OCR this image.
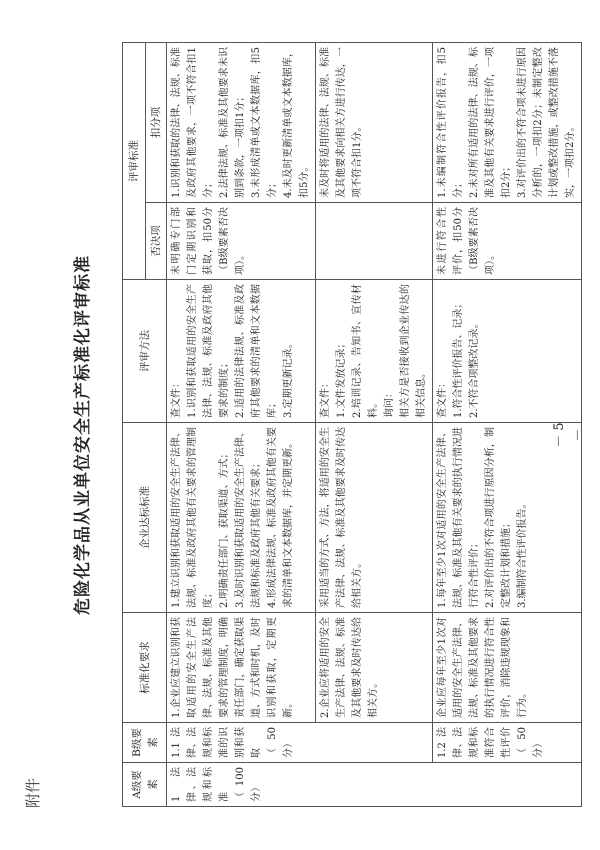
附件
危险化学品从业单位安全生产标准化评审标准	－ 5 －
A级要素	B级要素	标准化要求	企业达标标准	评审方法	评审标准	
					否决项	扣分项
1 法律、法规和标准（100分）	1.1 法律、法规和标准的识别和获取（50分）	1.企业应建立识别和获取适用的安全生产法律、法规、标准及其他要求的管理制度，明确责任部门，确定获取渠道、方式和时机，及时识别和获取，定期更新。	1.建立识别和获取适用的安全生产法律、法规、标准及政府其他有关要求的管理制度；
2.明确责任部门、获取渠道、方式；
3.及时识别和获取适用的安全生产法律、法规和标准及政府其他有关要求；
4.形成法律法规、标准及政府其他有关要求的清单和文本数据库，并定期更新。	查文件：
1.识别和获取适用的安全生产法律、法规、标准及政府其他要求的制度；
2.适用的法律法规、标准及政府其他要求的清单和文本数据库；
3.定期更新记录。	未明确专门部门定期识别和获取，扣50分（B级要素否决项）。	1.识别和获取的法律、法规、标准及政府其他要求，一项不符合扣1分；
2.法律法规、标准及其他要求未识别到条款，一项扣1分；
3.未形成清单或文本数据库，扣5分；
4.未及时更新清单或文本数据库，扣5分。
		2.企业应将适用的安全生产法律、法规、标准及其他要求及时传达给相关方。	采用适当的方式、方法，将适用的安全生产法律、法规、标准及其他要求及时传达给相关方。	查文件：
1.文件发放记录；
2.培训记录、告知书、宣传材料。
询问：
相关方是否接收到企业传达的相关信息。		未及时将适用的法律、法规、标准及其他要求向相关方进行传达，一项不符合扣1分。
	1.2 法律、法规和标准符合性评价（50分）	企业应每年至少1次对适用的安全生产法律、法规、标准及其他要求的执行情况进行符合性评价，消除违规现象和行为。	1.每年至少1次对适用的安全生产法律、法规、标准及其他有关要求的执行情况进行符合性评价；
2.对评价出的不符合项进行原因分析，制定整改计划和措施；
3.编制符合性评价报告。	查文件：
1.符合性评价报告、记录；
2.不符合项整改记录。	未进行符合性评价，扣50分（B级要素否决项）。	1.未编制符合性评价报告，扣5分；
2.未对所有适用的法律、法规、标准及其他有关要求进行评价，一项扣2分；
3.对评价出的不符合项未进行原因分析的，一项扣2分；未制定整改计划或整改措施，或整改措施不落实，一项扣2分。
